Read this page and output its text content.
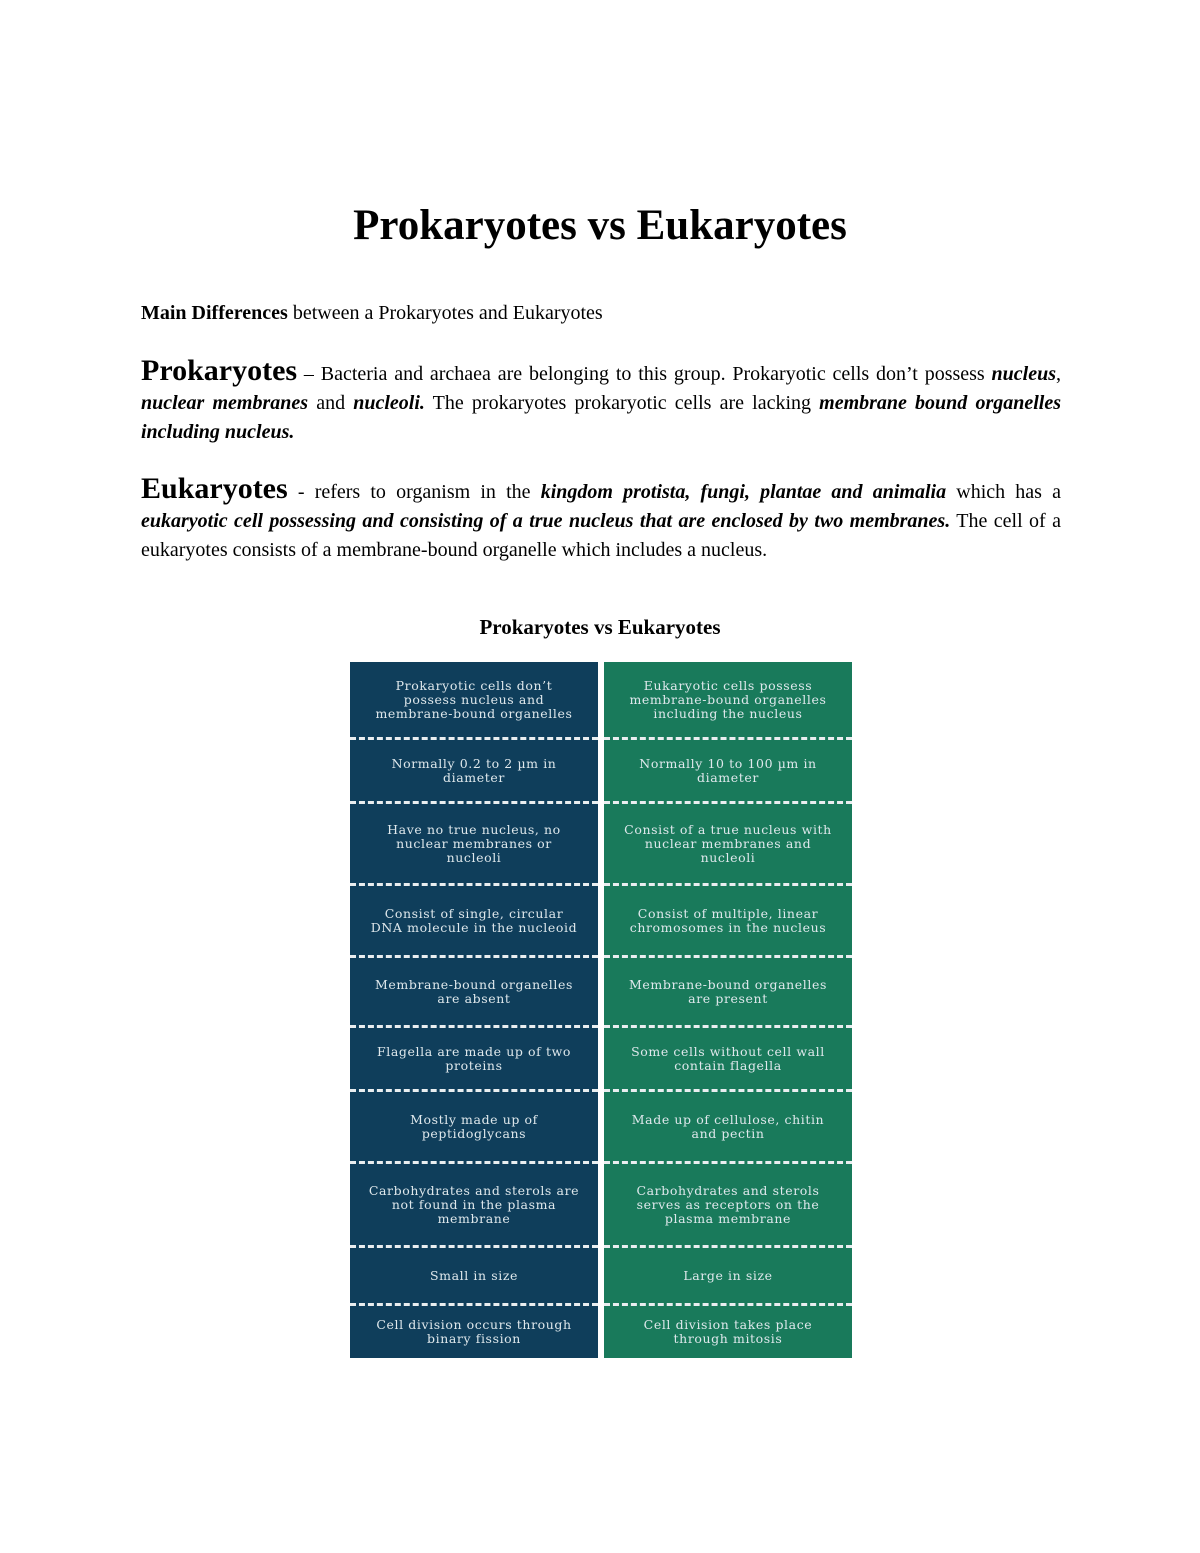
Prokaryotes vs Eukaryotes

Main Differences between a Prokaryotes and Eukaryotes

Prokaryotes – Bacteria and archaea are belonging to this group. Prokaryotic cells don’t possess nucleus, nuclear membranes and nucleoli. The prokaryotes prokaryotic cells are lacking membrane bound organelles including nucleus.

Eukaryotes - refers to organism in the kingdom protista, fungi, plantae and animalia which has a eukaryotic cell possessing and consisting of a true nucleus that are enclosed by two membranes. The cell of a eukaryotes consists of a membrane-bound organelle which includes a nucleus.

Prokaryotes vs Eukaryotes
Prokaryotic cells don’t possess nucleus and membrane-bound organelles
Normally 0.2 to 2 µm in diameter
Have no true nucleus, no nuclear membranes or nucleoli
Consist of single, circular DNA molecule in the nucleoid
Membrane-bound organelles are absent
Flagella are made up of two proteins
Mostly made up of peptidoglycans
Carbohydrates and sterols are not found in the plasma membrane
Small in size
Cell division occurs through binary fission
Eukaryotic cells possess membrane-bound organelles including the nucleus
Normally 10 to 100 µm in diameter
Consist of a true nucleus with nuclear membranes and nucleoli
Consist of multiple, linear chromosomes in the nucleus
Membrane-bound organelles are present
Some cells without cell wall contain flagella
Made up of cellulose, chitin and pectin
Carbohydrates and sterols serves as receptors on the plasma membrane
Large in size
Cell division takes place through mitosis
